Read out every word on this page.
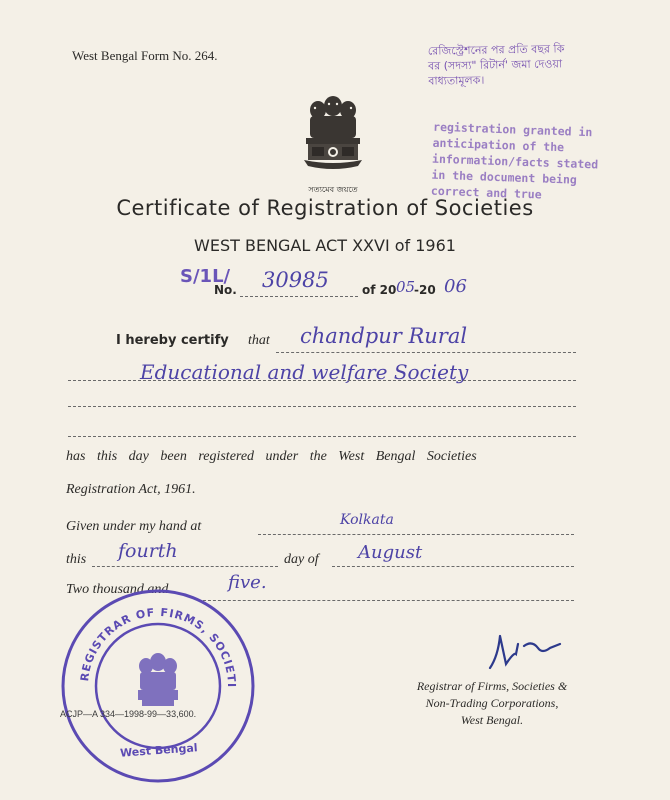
West Bengal Form No. 264.	রেজিস্ট্রেশনের পর প্রতি বছর কি
বর (সদস্য" রিটার্ন' জমা দেওয়া
বাধ্যতামূলক।
সত্যমেব জয়তে
registration granted in
anticipation of the
information/facts stated
in the document being
correct and true
Certificate of Registration of Societies
WEST BENGAL ACT XXVI of 1961
S/1L/
No. 30985	of 20 05
-20 06
I hereby certify that chandpur Rural
Educational and welfare Society
has this day been registered under the West Bengal Societies
Registration Act, 1961.
Given under my hand at	Kolkata
this fourth	day of August
Two thousand and	five.
REGISTRAR OF FIRMS, SOCIETI
West Bengal
ACJP—A 334—1998-99—33,600.
Registrar of Firms, Societies &
Non-Trading Corporations,
West Bengal.
